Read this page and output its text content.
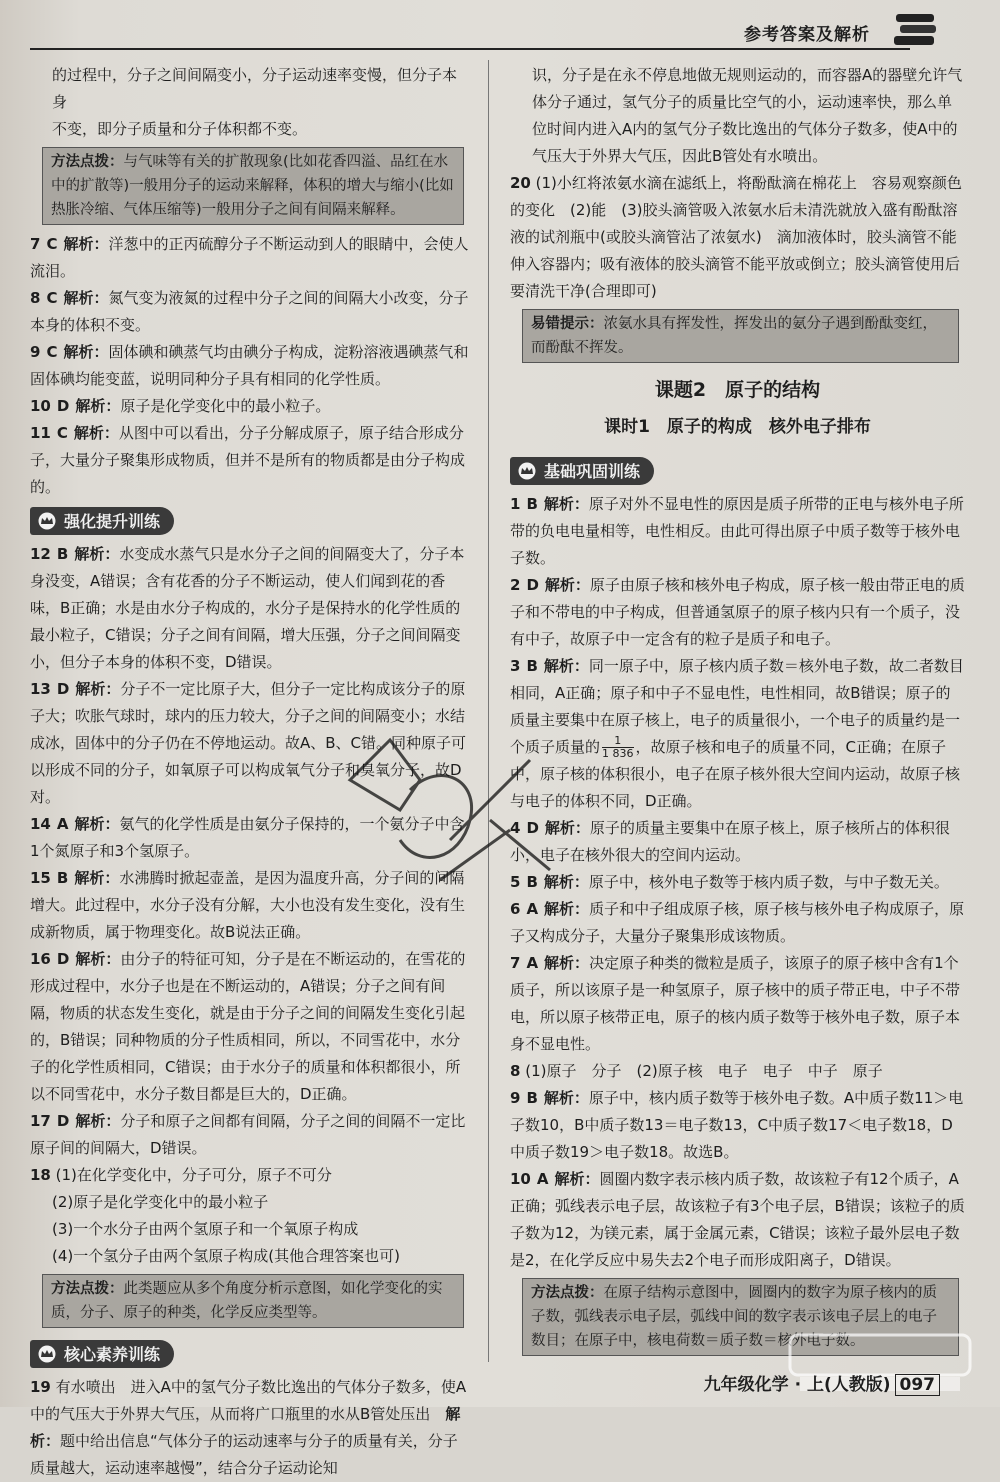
参考答案及解析

的过程中，分子之间间隔变小，分子运动速率变慢，但分子本身

不变，即分子质量和分子体积都不变。

方法点拨：与气味等有关的扩散现象(比如花香四溢、品红在水中的扩散等)一般用分子的运动来解释，体积的增大与缩小(比如热胀冷缩、气体压缩等)一般用分子之间有间隔来解释。

7 C 解析：洋葱中的正丙硫醇分子不断运动到人的眼睛中，会使人流泪。

8 C 解析：氮气变为液氮的过程中分子之间的间隔大小改变，分子本身的体积不变。

9 C 解析：固体碘和碘蒸气均由碘分子构成，淀粉溶液遇碘蒸气和固体碘均能变蓝，说明同种分子具有相同的化学性质。

10 D 解析：原子是化学变化中的最小粒子。

11 C 解析：从图中可以看出，分子分解成原子，原子结合形成分子，大量分子聚集形成物质，但并不是所有的物质都是由分子构成的。

强化提升训练

12 B 解析：水变成水蒸气只是水分子之间的间隔变大了，分子本身没变，A错误；含有花香的分子不断运动，使人们闻到花的香味，B正确；水是由水分子构成的，水分子是保持水的化学性质的最小粒子，C错误；分子之间有间隔，增大压强，分子之间间隔变小，但分子本身的体积不变，D错误。

13 D 解析：分子不一定比原子大，但分子一定比构成该分子的原子大；吹胀气球时，球内的压力较大，分子之间的间隔变小；水结成冰，固体中的分子仍在不停地运动。故A、B、C错。同种原子可以形成不同的分子，如氧原子可以构成氧气分子和臭氧分子，故D对。

14 A 解析：氨气的化学性质是由氨分子保持的，一个氨分子中含1个氮原子和3个氢原子。

15 B 解析：水沸腾时掀起壶盖，是因为温度升高，分子间的间隔增大。此过程中，水分子没有分解，大小也没有发生变化，没有生成新物质，属于物理变化。故B说法正确。

16 D 解析：由分子的特征可知，分子是在不断运动的，在雪花的形成过程中，水分子也是在不断运动的，A错误；分子之间有间隔，物质的状态发生变化，就是由于分子之间的间隔发生变化引起的，B错误；同种物质的分子性质相同，所以，不同雪花中，水分子的化学性质相同，C错误；由于水分子的质量和体积都很小，所以不同雪花中，水分子数目都是巨大的，D正确。

17 D 解析：分子和原子之间都有间隔，分子之间的间隔不一定比原子间的间隔大，D错误。

18 (1)在化学变化中，分子可分，原子不可分

(2)原子是化学变化中的最小粒子

(3)一个水分子由两个氢原子和一个氧原子构成

(4)一个氢分子由两个氢原子构成(其他合理答案也可)

方法点拨：此类题应从多个角度分析示意图，如化学变化的实质，分子、原子的种类，化学反应类型等。
核心素养训练

19 有水喷出　进入A中的氢气分子数比逸出的气体分子数多，使A中的气压大于外界大气压，从而将广口瓶里的水从B管处压出　 解析：题中给出信息“气体分子的运动速率与分子的质量有关，分子质量越大，运动速率越慢”，结合分子运动论知

识，分子是在永不停息地做无规则运动的，而容器A的器壁允许气体分子通过，氢气分子的质量比空气的小，运动速率快，那么单位时间内进入A内的氢气分子数比逸出的气体分子数多，使A中的气压大于外界大气压，因此B管处有水喷出。

20 (1)小红将浓氨水滴在滤纸上，将酚酞滴在棉花上　容易观察颜色的变化　(2)能　(3)胶头滴管吸入浓氨水后未清洗就放入盛有酚酞溶液的试剂瓶中(或胶头滴管沾了浓氨水)　滴加液体时，胶头滴管不能伸入容器内；吸有液体的胶头滴管不能平放或倒立；胶头滴管使用后要清洗干净(合理即可)

易错提示：浓氨水具有挥发性，挥发出的氨分子遇到酚酞变红，而酚酞不挥发。
课题2　原子的结构
课时1　原子的构成　核外电子排布
基础巩固训练

1 B 解析：原子对外不显电性的原因是质子所带的正电与核外电子所带的负电电量相等，电性相反。由此可得出原子中质子数等于核外电子数。

2 D 解析：原子由原子核和核外电子构成，原子核一般由带正电的质子和不带电的中子构成，但普通氢原子的原子核内只有一个质子，没有中子，故原子中一定含有的粒子是质子和电子。

3 B 解析：同一原子中，原子核内质子数＝核外电子数，故二者数目相同，A正确；原子和中子不显电性，电性相同，故B错误；原子的质量主要集中在原子核上，电子的质量很小，一个电子的质量约是一个质子质量的 $\frac{1}{1 836}$ ，故原子核和电子的质量不同，C正确；在原子中，原子核的体积很小，电子在原子核外很大空间内运动，故原子核与电子的体积不同，D正确。

4 D 解析：原子的质量主要集中在原子核上，原子核所占的体积很小，电子在核外很大的空间内运动。

5 B 解析：原子中，核外电子数等于核内质子数，与中子数无关。

6 A 解析：质子和中子组成原子核，原子核与核外电子构成原子，原子又构成分子，大量分子聚集形成该物质。

7 A 解析：决定原子种类的微粒是质子，该原子的原子核中含有1个质子，所以该原子是一种氢原子，原子核中的质子带正电，中子不带电，所以原子核带正电，原子的核内质子数等于核外电子数，原子本身不显电性。

8 (1)原子　分子　(2)原子核　电子　电子　中子　原子

9 B 解析：原子中，核内质子数等于核外电子数。A中质子数11＞电子数10，B中质子数13＝电子数13，C中质子数17＜电子数18，D中质子数19＞电子数18。故选B。

10 A 解析：圆圈内数字表示核内质子数，故该粒子有12个质子，A正确；弧线表示电子层，故该粒子有3个电子层，B错误；该粒子的质子数为12，为镁元素，属于金属元素，C错误；该粒子最外层电子数是2，在化学反应中易失去2个电子而形成阳离子，D错误。

方法点拨：在原子结构示意图中，圆圈内的数字为原子核内的质子数，弧线表示电子层，弧线中间的数字表示该电子层上的电子数目；在原子中，核电荷数＝质子数＝核外电子数。
九年级化学 · 上(人教版) 097
